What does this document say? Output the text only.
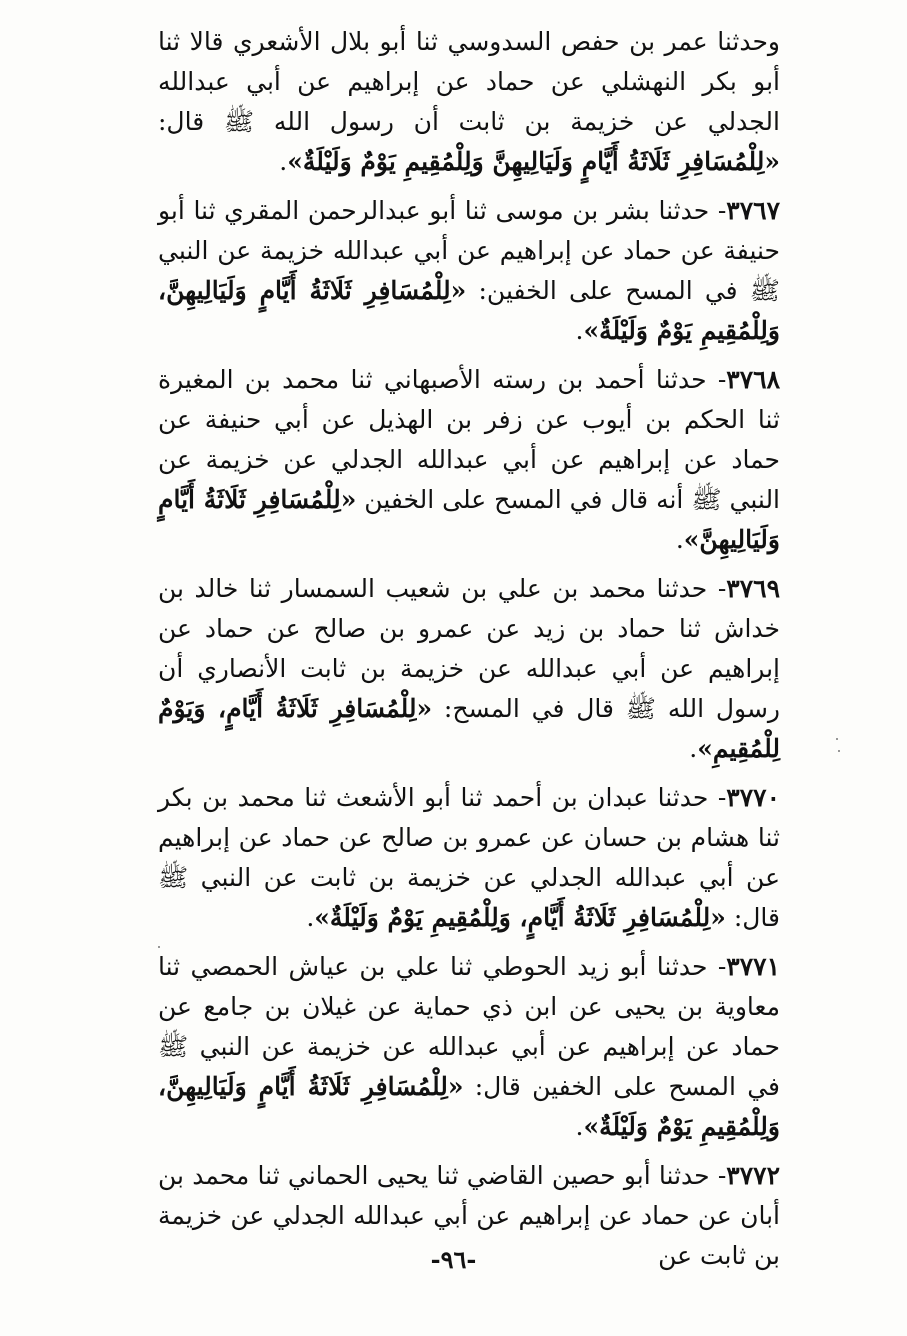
وحدثنا عمر بن حفص السدوسي ثنا أبو بلال الأشعري قالا ثنا أبو بكر النهشلي عن حماد عن إبراهيم عن أبي عبدالله الجدلي عن خزيمة بن ثابت أن رسول الله ﷺ قال: «لِلْمُسَافِرِ ثَلَاثَةُ أَيَّامٍ وَلَيَالِيهِنَّ وَلِلْمُقِيمِ يَوْمٌ وَلَيْلَةٌ».

٣٧٦٧- حدثنا بشر بن موسى ثنا أبو عبدالرحمن المقري ثنا أبو حنيفة عن حماد عن إبراهيم عن أبي عبدالله خزيمة عن النبي ﷺ في المسح على الخفين: «لِلْمُسَافِرِ ثَلَاثَةُ أَيَّامٍ وَلَيَالِيهِنَّ، وَلِلْمُقِيمِ يَوْمٌ وَلَيْلَةٌ».

٣٧٦٨- حدثنا أحمد بن رسته الأصبهاني ثنا محمد بن المغيرة ثنا الحكم بن أيوب عن زفر بن الهذيل عن أبي حنيفة عن حماد عن إبراهيم عن أبي عبدالله الجدلي عن خزيمة عن النبي ﷺ أنه قال في المسح على الخفين «لِلْمُسَافِرِ ثَلَاثَةُ أَيَّامٍ وَلَيَالِيهِنَّ».

٣٧٦٩- حدثنا محمد بن علي بن شعيب السمسار ثنا خالد بن خداش ثنا حماد بن زيد عن عمرو بن صالح عن حماد عن إبراهيم عن أبي عبدالله عن خزيمة بن ثابت الأنصاري أن رسول الله ﷺ قال في المسح: «لِلْمُسَافِرِ ثَلَاثَةُ أَيَّامٍ، وَيَوْمٌ لِلْمُقِيمِ».

٣٧٧٠- حدثنا عبدان بن أحمد ثنا أبو الأشعث ثنا محمد بن بكر ثنا هشام بن حسان عن عمرو بن صالح عن حماد عن إبراهيم عن أبي عبدالله الجدلي عن خزيمة بن ثابت عن النبي ﷺ قال: «لِلْمُسَافِرِ ثَلَاثَةُ أَيَّامٍ، وَلِلْمُقِيمِ يَوْمٌ وَلَيْلَةٌ».

٣٧٧١- حدثنا أبو زيد الحوطي ثنا علي بن عياش الحمصي ثنا معاوية بن يحيى عن ابن ذي حماية عن غيلان بن جامع عن حماد عن إبراهيم عن أبي عبدالله عن خزيمة عن النبي ﷺ في المسح على الخفين قال: «لِلْمُسَافِرِ ثَلَاثَةُ أَيَّامٍ وَلَيَالِيهِنَّ، وَلِلْمُقِيمِ يَوْمٌ وَلَيْلَةٌ».

٣٧٧٢- حدثنا أبو حصين القاضي ثنا يحيى الحماني ثنا محمد بن أبان عن حماد عن إبراهيم عن أبي عبدالله الجدلي عن خزيمة بن ثابت عن

-٩٦-
